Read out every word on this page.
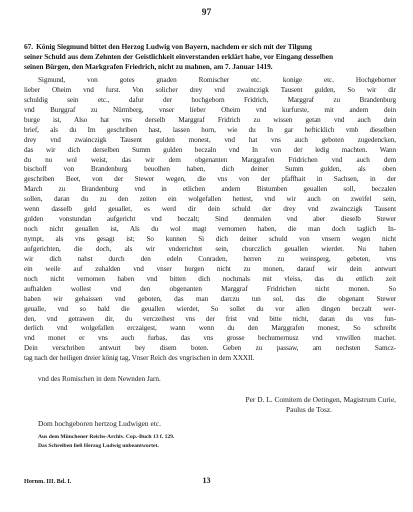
97
67. König Siegmund bittet den Herzog Ludwig von Bayern, nachdem er sich mit der Tilgung
seiner Schuld aus dem Zehnten der Geistlichkeit einverstanden erklärt habe, vor Eingang desselben
seinen Bürgen, den Markgrafen Friedrich, nicht zu mahnen, am 7. Januar 1419.
Sigmund, von gotes gnaden Romischer etc. konige etc. Hochgeborner
lieber Oheim vnd furst. Von solicher drey vnd zwainczigk Tausent gulden, So wir dir
schuldig sein etc., dafur der hochgeborn Fridrich, Marggraf zu Brandenburg
vnd Burggraf zu Nürmberg, vnser lieber Oheim vnd kurfurste, mit andern dein
burge ist, Also hat vns derselb Marggraf Fridrich zu wissen getan vnd auch dein
brief, als du Im geschriben hast, lassen horn, wie du In gar hefticklich vmb dieselben
drey vnd zwainczigk Tausent gulden monest, vnd hat vns auch geboten zugedencken,
das wir dich derselben Summ gulden beczaln vnd In von der ledig machten. Wann
du nu wol weist, das wir dem obgenanten Marggrafen Fridrichen vnd auch dem
bischoff von Brandenburg beuolhen haben, dich deiner Summ gulden, als oben
geschriben Beet, von der Stewer wegen, die vns von der pfaffhait in Sachsen, in der
March zu Brandenburg vnd in etlichen andern Bistumben geuallen soll, beczalen
sollen, daran du zu den zeiten ein wolgefallen hettest, vnd wir auch on zweifel sein,
wenn dasselb geld geuallet, es werd dir dein schuld der drey vnd zwainczigk Tausent
gulden vonstundan aufgericht vnd beczalt; Sind denmalen vnd aber dieselb Stewer
noch nicht geuallen ist, Als du wol magt vernomen haben, die man doch taglich In-
nympt, als vns gesagt ist; So kunnen Si dich deiner schuld von vnsern wegen nicht
aufgerichten, die doch, als wir vnderrichtet sein, churczlich geuallen wierdet. Nu haben
wir dich nahst durch den edeln Conraden, herren zu weinsperg, gebeten, vns
ein weile auf zuhalden vnd vnser burgen nicht zu monen, darauf wir dein antwurt
noch nicht vernomen haben vnd bitten dich nochmals mit vleiss, das du ettlich zeit
aufhalden wollest vnd den obgenanten Marggraf Fridrichen nicht monen. So
haben wir gehaissen vnd geboten, das man darczu tun sol, das die obgenant Stewer
geualle, vnd so bald die geuallen wierdet, So sollet du vor allen dingen beczalt wer-
den, vnd getrawen dir, du verczeihest vns der frist vnd bitte nicht, daran du vns fun-
derlich vnd wolgefallen erczaigest, wann wenn du den Marggrafen monest, So schreibt
vnd monet er vns auch furbas, das vns grosse bechumernusz vnd vnwillen machet.
Dein verschriben antwurt bey disem boten. Geben zu passaw, am nechsten Samcz-
tag nach der heiligen dreier könig tag, Vnser Reich des vngrischen in dem XXXII.
Per D. L. Comitem de Oetingen, Magistrum Curie,
Paulus de Tosz.
Dom hochgeboren hertzog Ludwigen etc.
Aus dem Münchener Reichs-Archiv. Cop.-Buch 13 f. 129.
Das Schreiben ließ Herzog Ludwig unbeantwortet.
Hornm. III. Bd. I.	13
vnd des Romischen in dem Newnden Jarn.
